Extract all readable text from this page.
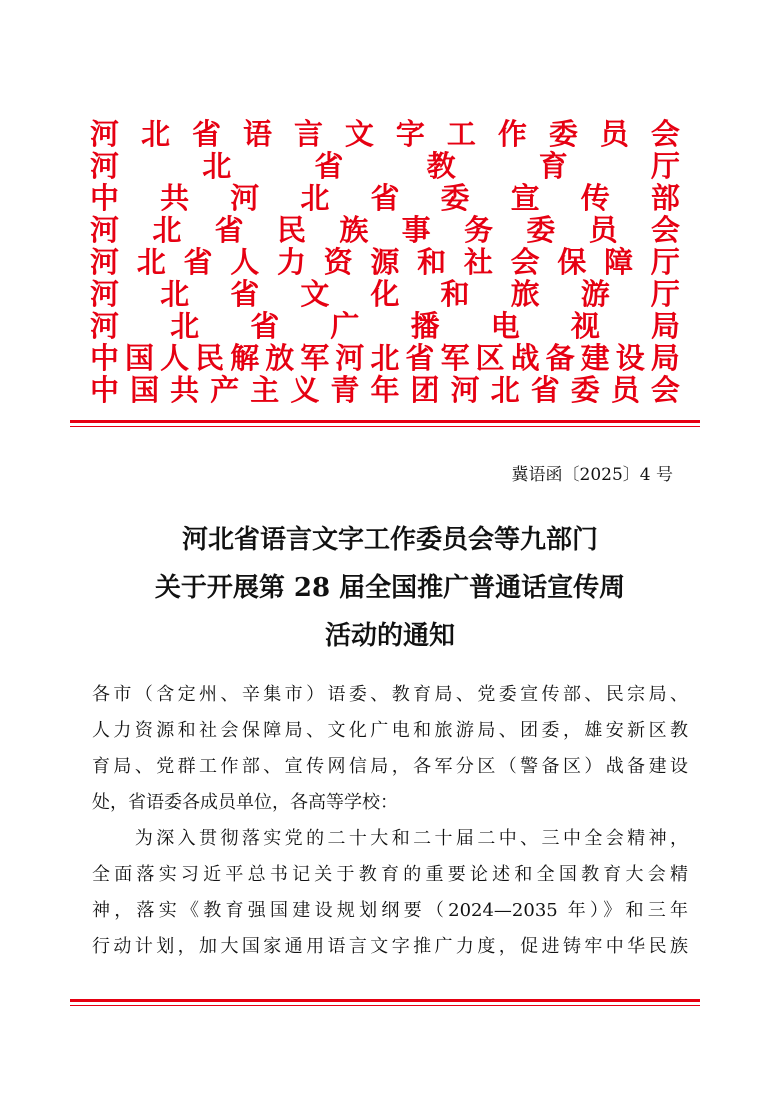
河 北 省 语 言 文 字 工 作 委 员 会
河	北	省	教	育	厅
中 共 河 北 省 委 宣 传 部
河 北 省 民 族 事 务 委 员 会
河 北 省 人 力 资 源 和 社 会 保 障 厅
河 北 省 文 化 和 旅 游 厅
河 北 省 广 播 电 视 局
中 国 人 民 解 放 军 河 北 省 军 区 战 备 建 设 局
中 国 共 产 主 义 青 年 团 河 北 省 委 员 会
冀语函〔2025〕4 号
河北省语言文字工作委员会等九部门
关于开展第 28 届全国推广普通话宣传周
活动的通知
各市（含定州、辛集市）语委、教育局、党委宣传部、民宗局、
人力资源和社会保障局、文化广电和旅游局、团委，雄安新区教
育局、党群工作部、宣传网信局，各军分区（警备区）战备建设
处，省语委各成员单位，各高等学校：
　　为深入贯彻落实党的二十大和二十届二中、三中全会精神，
全面落实习近平总书记关于教育的重要论述和全国教育大会精
神，落实《教育强国建设规划纲要（2024—2035 年）》和三年
行动计划，加大国家通用语言文字推广力度，促进铸牢中华民族
